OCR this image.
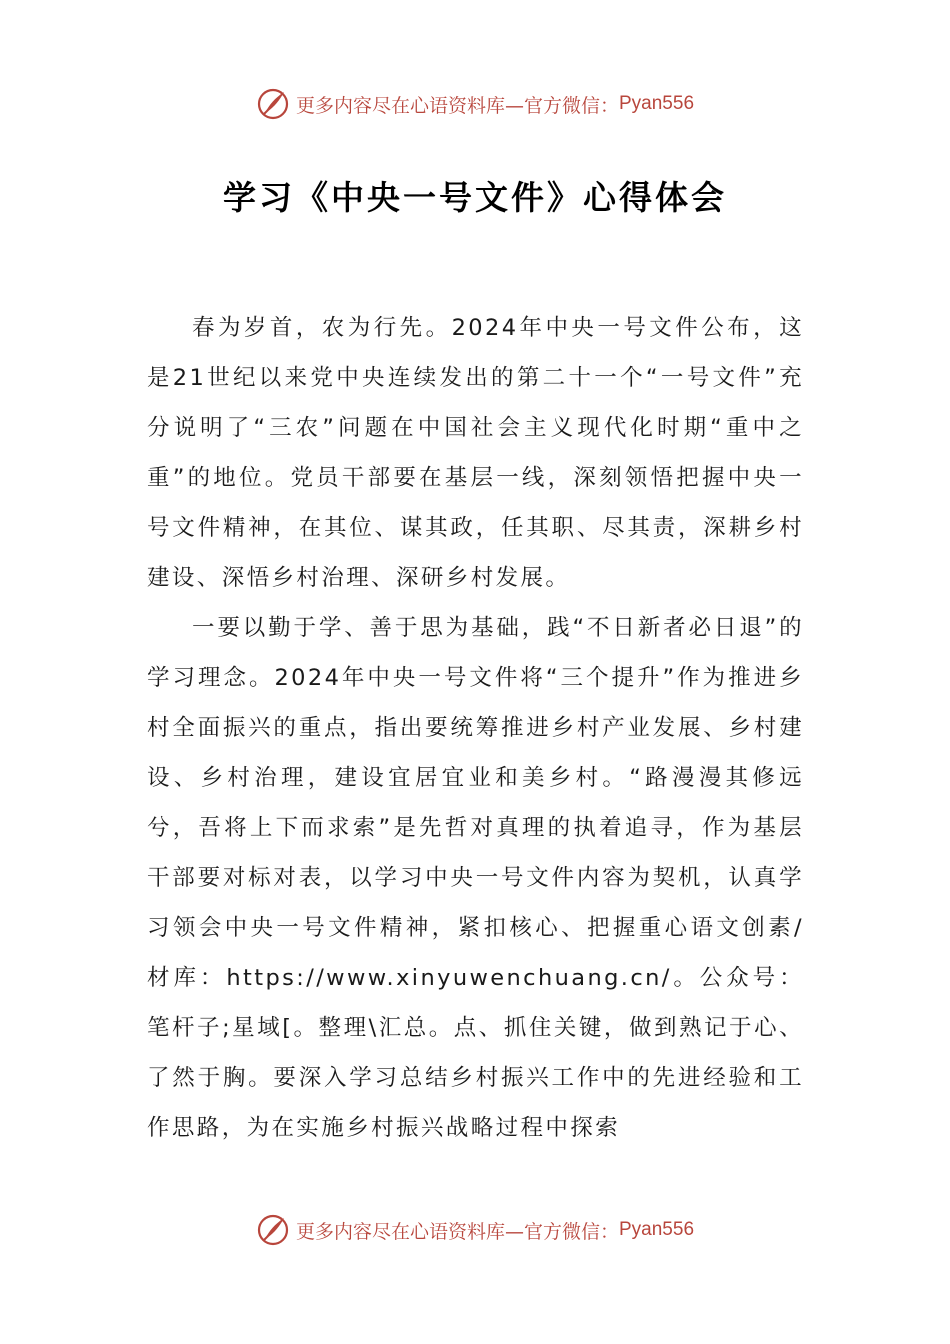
更多内容尽在心语资料库—官方微信： Pyan556
学习《中央一号文件》心得体会

春为岁首，农为行先。2024年中央一号文件公布，这是21世纪以来党中央连续发出的第二十一个“一号文件”充分说明了“三农”问题在中国社会主义现代化时期“重中之重”的地位。党员干部要在基层一线，深刻领悟把握中央一号文件精神，在其位、谋其政，任其职、尽其责，深耕乡村建设、深悟乡村治理、深研乡村发展。

一要以勤于学、善于思为基础，践“不日新者必日退”的学习理念。2024年中央一号文件将“三个提升”作为推进乡村全面振兴的重点，指出要统筹推进乡村产业发展、乡村建设、乡村治理，建设宜居宜业和美乡村。“路漫漫其修远兮，吾将上下而求索”是先哲对真理的执着追寻，作为基层干部要对标对表，以学习中央一号文件内容为契机，认真学习领会中央一号文件精神，紧扣核心、把握重心语文创素/材库：https://www.xinyuwenchuang.cn/。公众号：笔杆子;星域[。整理\汇总。点、抓住关键，做到熟记于心、了然于胸。要深入学习总结乡村振兴工作中的先进经验和工作思路，为在实施乡村振兴战略过程中探索

更多内容尽在心语资料库—官方微信： Pyan556
